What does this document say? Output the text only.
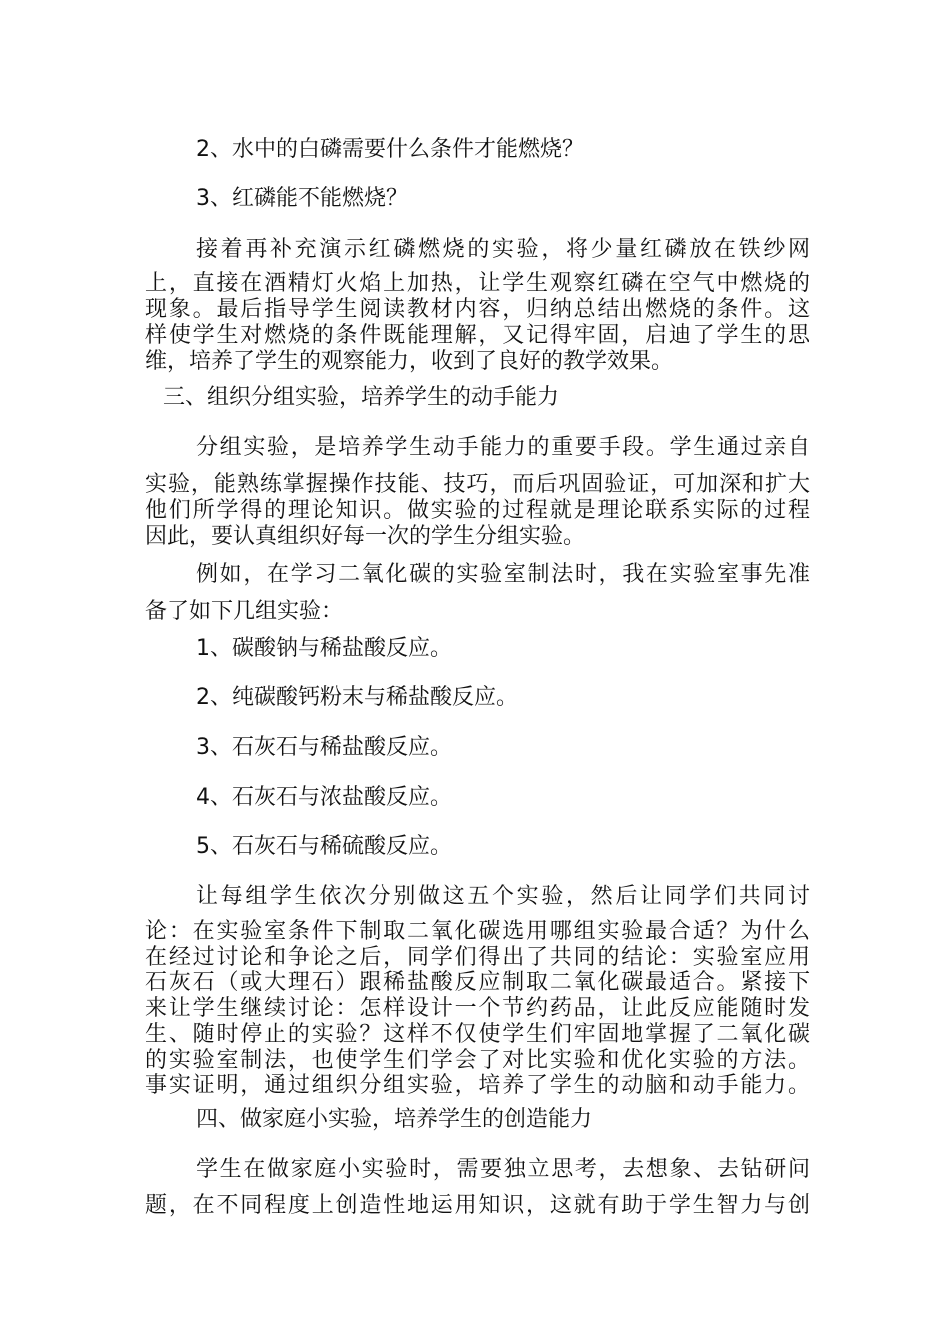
2、水中的白磷需要什么条件才能燃烧？
3、红磷能不能燃烧？
接着再补充演示红磷燃烧的实验，将少量红磷放在铁纱网
上，直接在酒精灯火焰上加热，让学生观察红磷在空气中燃烧的
现象。最后指导学生阅读教材内容，归纳总结出燃烧的条件。这
样使学生对燃烧的条件既能理解，又记得牢固，启迪了学生的思
维，培养了学生的观察能力，收到了良好的教学效果。
三、组织分组实验，培养学生的动手能力
分组实验，是培养学生动手能力的重要手段。学生通过亲自
实验，能熟练掌握操作技能、技巧，而后巩固验证，可加深和扩大
他们所学得的理论知识。做实验的过程就是理论联系实际的过程
因此，要认真组织好每一次的学生分组实验。
例如，在学习二氧化碳的实验室制法时，我在实验室事先准
备了如下几组实验：
1、碳酸钠与稀盐酸反应。
2、纯碳酸钙粉末与稀盐酸反应。
3、石灰石与稀盐酸反应。
4、石灰石与浓盐酸反应。
5、石灰石与稀硫酸反应。
让每组学生依次分别做这五个实验，然后让同学们共同讨
论：在实验室条件下制取二氧化碳选用哪组实验最合适？为什么
在经过讨论和争论之后，同学们得出了共同的结论：实验室应用
石灰石（或大理石）跟稀盐酸反应制取二氧化碳最适合。紧接下
来让学生继续讨论：怎样设计一个节约药品，让此反应能随时发
生、随时停止的实验？这样不仅使学生们牢固地掌握了二氧化碳
的实验室制法，也使学生们学会了对比实验和优化实验的方法。
事实证明，通过组织分组实验，培养了学生的动脑和动手能力。
四、做家庭小实验，培养学生的创造能力
学生在做家庭小实验时，需要独立思考，去想象、去钻研问
题，在不同程度上创造性地运用知识，这就有助于学生智力与创
